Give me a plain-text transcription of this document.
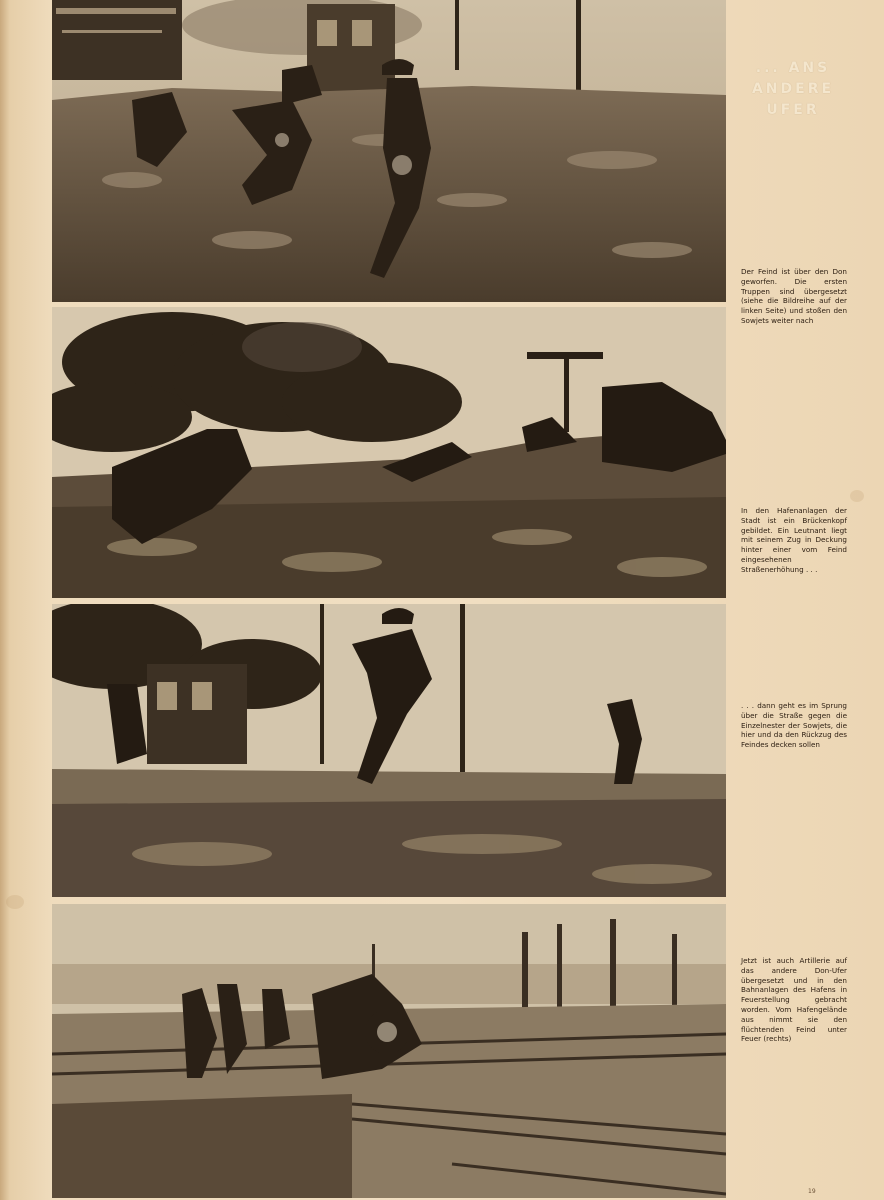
... ANS
ANDERE
UFER

Der Feind ist über den Don geworfen. Die ersten Truppen sind übergesetzt (siehe die Bildreihe auf der linken Seite) und stoßen den Sowjets weiter nach

In den Hafenanlagen der Stadt ist ein Brückenkopf gebildet. Ein Leutnant liegt mit seinem Zug in Deckung hinter einer vom Feind eingesehenen Straßenerhöhung . . .

. . . dann geht es im Sprung über die Straße gegen die Einzelnester der Sowjets, die hier und da den Rückzug des Feindes decken sollen

Jetzt ist auch Artillerie auf das andere Don-Ufer übergesetzt und in den Bahnanlagen des Hafens in Feuerstellung gebracht worden. Vom Hafengelände aus nimmt sie den flüchtenden Feind unter Feuer (rechts)

19
